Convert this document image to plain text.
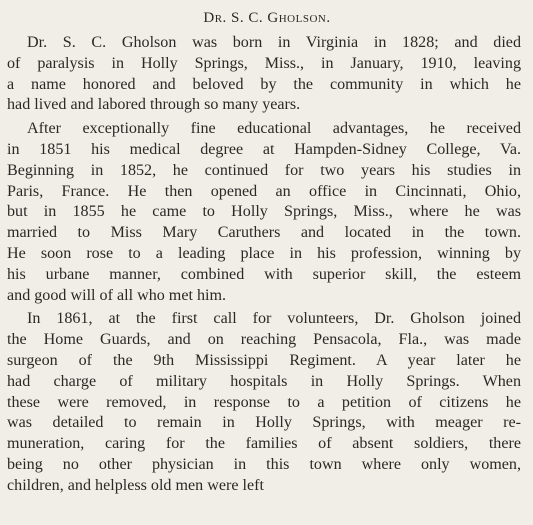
Dr. S. C. Gholson.
Dr. S. C. Gholson was born in Virginia in 1828; and died
of paralysis in Holly Springs, Miss., in January, 1910, leaving
a name honored and beloved by the community in which he
had lived and labored through so many years.
After exceptionally fine educational advantages, he received
in 1851 his medical degree at Hampden-Sidney College, Va.
Beginning in 1852, he continued for two years his studies in
Paris, France. He then opened an office in Cincinnati, Ohio,
but in 1855 he came to Holly Springs, Miss., where he was
married to Miss Mary Caruthers and located in the town.
He soon rose to a leading place in his profession, winning by
his urbane manner, combined with superior skill, the esteem
and good will of all who met him.
In 1861, at the first call for volunteers, Dr. Gholson joined
the Home Guards, and on reaching Pensacola, Fla., was made
surgeon of the 9th Mississippi Regiment. A year later he
had charge of military hospitals in Holly Springs. When
these were removed, in response to a petition of citizens he
was detailed to remain in Holly Springs, with meager re-
muneration, caring for the families of absent soldiers, there
being no other physician in this town where only women,
children, and helpless old men were left
